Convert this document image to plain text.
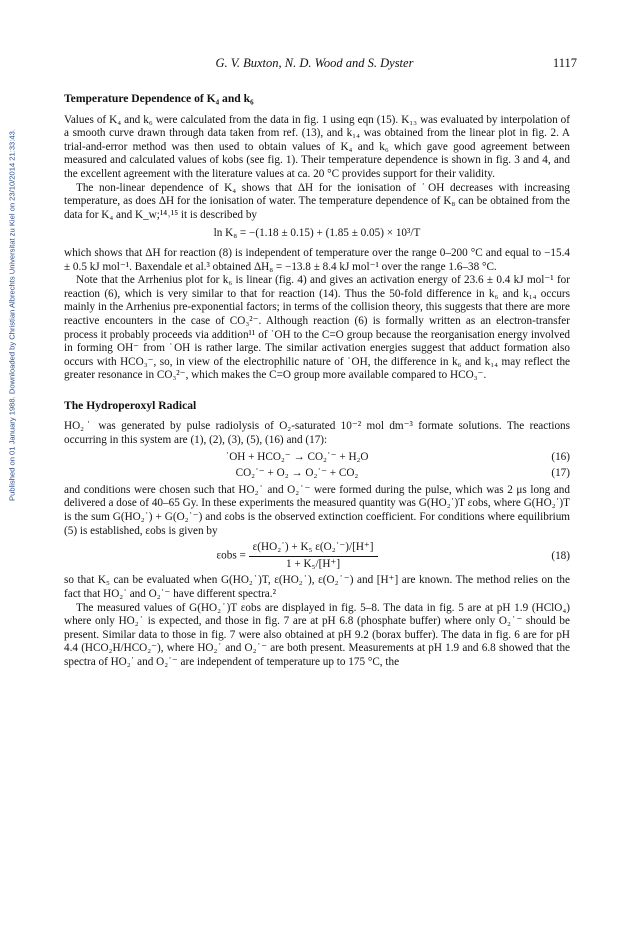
Published on 01 January 1988. Downloaded by Christian Albrechts Universitat zu Kiel on 23/10/2014 21:33:43.
G. V. Buxton, N. D. Wood and S. Dyster	1117
Temperature Dependence of K₄ and k₆

Values of K₄ and k₆ were calculated from the data in fig. 1 using eqn (15). K₁₃ was evaluated by interpolation of a smooth curve drawn through data taken from ref. (13), and k₁₄ was obtained from the linear plot in fig. 2. A trial-and-error method was then used to obtain values of K₄ and k₆ which gave good agreement between measured and calculated values of kobs (see fig. 1). Their temperature dependence is shown in fig. 3 and 4, and the excellent agreement with the literature values at ca. 20 °C provides support for their validity.

The non-linear dependence of K₄ shows that ΔH for the ionisation of ˙OH decreases with increasing temperature, as does ΔH for the ionisation of water. The temperature dependence of K₈ can be obtained from the data for K₄ and K_w;¹⁴˒¹⁵ it is described by

ln K₈ = −(1.18 ± 0.15) + (1.85 ± 0.05) × 10³/T

which shows that ΔH for reaction (8) is independent of temperature over the range 0–200 °C and equal to −15.4 ± 0.5 kJ mol⁻¹. Baxendale et al.³ obtained ΔH₈ = −13.8 ± 8.4 kJ mol⁻¹ over the range 1.6–38 °C.

Note that the Arrhenius plot for k₆ is linear (fig. 4) and gives an activation energy of 23.6 ± 0.4 kJ mol⁻¹ for reaction (6), which is very similar to that for reaction (14). Thus the 50-fold difference in k₆ and k₁₄ occurs mainly in the Arrhenius pre-exponential factors; in terms of the collision theory, this suggests that there are more reactive encounters in the case of CO₃²⁻. Although reaction (6) is formally written as an electron-transfer process it probably proceeds via addition¹¹ of ˙OH to the C=O group because the reorganisation energy involved in forming OH⁻ from ˙OH is rather large. The similar activation energies suggest that adduct formation also occurs with HCO₃⁻, so, in view of the electrophilic nature of ˙OH, the difference in k₆ and k₁₄ may reflect the greater resonance in CO₃²⁻, which makes the C=O group more available compared to HCO₃⁻.

The Hydroperoxyl Radical

HO₂˙ was generated by pulse radiolysis of O₂-saturated 10⁻² mol dm⁻³ formate solutions. The reactions occurring in this system are (1), (2), (3), (5), (16) and (17):

˙OH + HCO₂⁻ → CO₂˙⁻ + H₂O	(16)
CO₂˙⁻ + O₂ → O₂˙⁻ + CO₂	(17)

and conditions were chosen such that HO₂˙ and O₂˙⁻ were formed during the pulse, which was 2 μs long and delivered a dose of 40–65 Gy. In these experiments the measured quantity was G(HO₂˙)T εobs, where G(HO₂˙)T is the sum G(HO₂˙) + G(O₂˙⁻) and εobs is the observed extinction coefficient. For conditions where equilibrium (5) is established, εobs is given by

$\varepsilon obs = \frac{\text{ε(HO₂˙) + K₅ ε(O₂˙⁻)/[H⁺]}}{\text{1 + K₅/[H⁺]}}$	(18)

so that K₅ can be evaluated when G(HO₂˙)T, ε(HO₂˙), ε(O₂˙⁻) and [H⁺] are known. The method relies on the fact that HO₂˙ and O₂˙⁻ have different spectra.²

The measured values of G(HO₂˙)T εobs are displayed in fig. 5–8. The data in fig. 5 are at pH 1.9 (HClO₄) where only HO₂˙ is expected, and those in fig. 7 are at pH 6.8 (phosphate buffer) where only O₂˙⁻ should be present. Similar data to those in fig. 7 were also obtained at pH 9.2 (borax buffer). The data in fig. 6 are for pH 4.4 (HCO₂H/HCO₂⁻), where HO₂˙ and O₂˙⁻ are both present. Measurements at pH 1.9 and 6.8 showed that the spectra of HO₂˙ and O₂˙⁻ are independent of temperature up to 175 °C, the
